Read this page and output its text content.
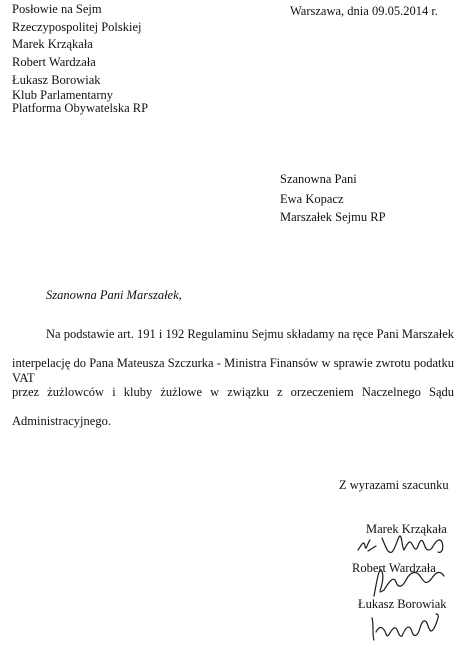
Posłowie na Sejm
Rzeczypospolitej Polskiej
Marek Krząkała
Robert Wardzała
Łukasz Borowiak
Klub Parlamentarny
Platforma Obywatelska RP
Warszawa, dnia 09.05.2014 r.
Szanowna Pani
Ewa Kopacz
Marszałek Sejmu RP
Szanowna Pani Marszałek,
Na podstawie art. 191 i 192 Regulaminu Sejmu składamy na ręce Pani Marszałek
interpelację do Pana Mateusza Szczurka - Ministra Finansów w sprawie zwrotu podatku VAT
przez żużlowców i kluby żużlowe w związku z orzeczeniem Naczelnego Sądu
Administracyjnego.
Z wyrazami szacunku
Marek Krząkała
Robert Wardzała
Łukasz Borowiak
